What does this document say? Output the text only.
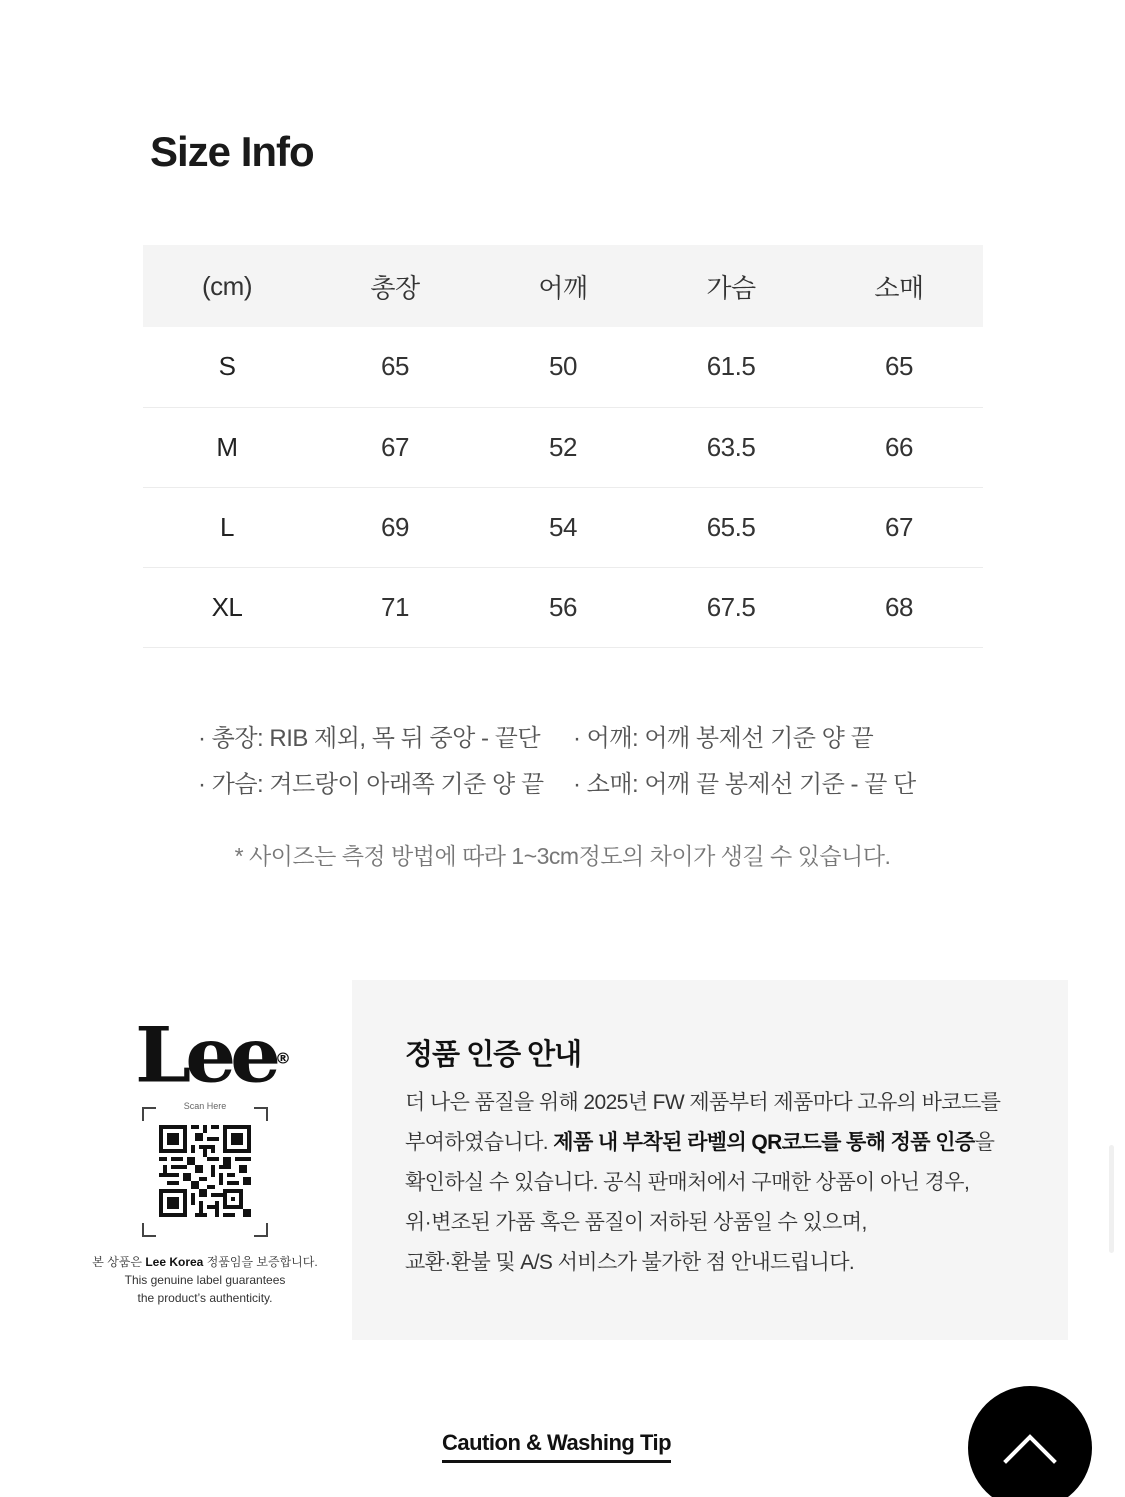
Size Info
(cm)	총장	어깨	가슴	소매
S	65	50	61.5	65
M	67	52	63.5	66
L	69	54	65.5	67
XL	71	56	67.5	68
· 총장: RIB 제외, 목 뒤 중앙 - 끝단	· 어깨: 어깨 봉제선 기준 양 끝
· 가슴: 겨드랑이 아래쪽 기준 양 끝	· 소매: 어깨 끝 봉제선 기준 - 끝 단
* 사이즈는 측정 방법에 따라 1~3cm정도의 차이가 생길 수 있습니다.
Lee ®
Scan Here
본 상품은 Lee Korea 정품임을 보증합니다.
This genuine label guarantees
the product’s authenticity.
정품 인증 안내

더 나은 품질을 위해 2025년 FW 제품부터 제품마다 고유의 바코드를

부여하였습니다. 제품 내 부착된 라벨의 QR코드를 통해 정품 인증을

확인하실 수 있습니다. 공식 판매처에서 구매한 상품이 아닌 경우,

위·변조된 가품 혹은 품질이 저하된 상품일 수 있으며,

교환·환불 및 A/S 서비스가 불가한 점 안내드립니다.

Caution & Washing Tip
